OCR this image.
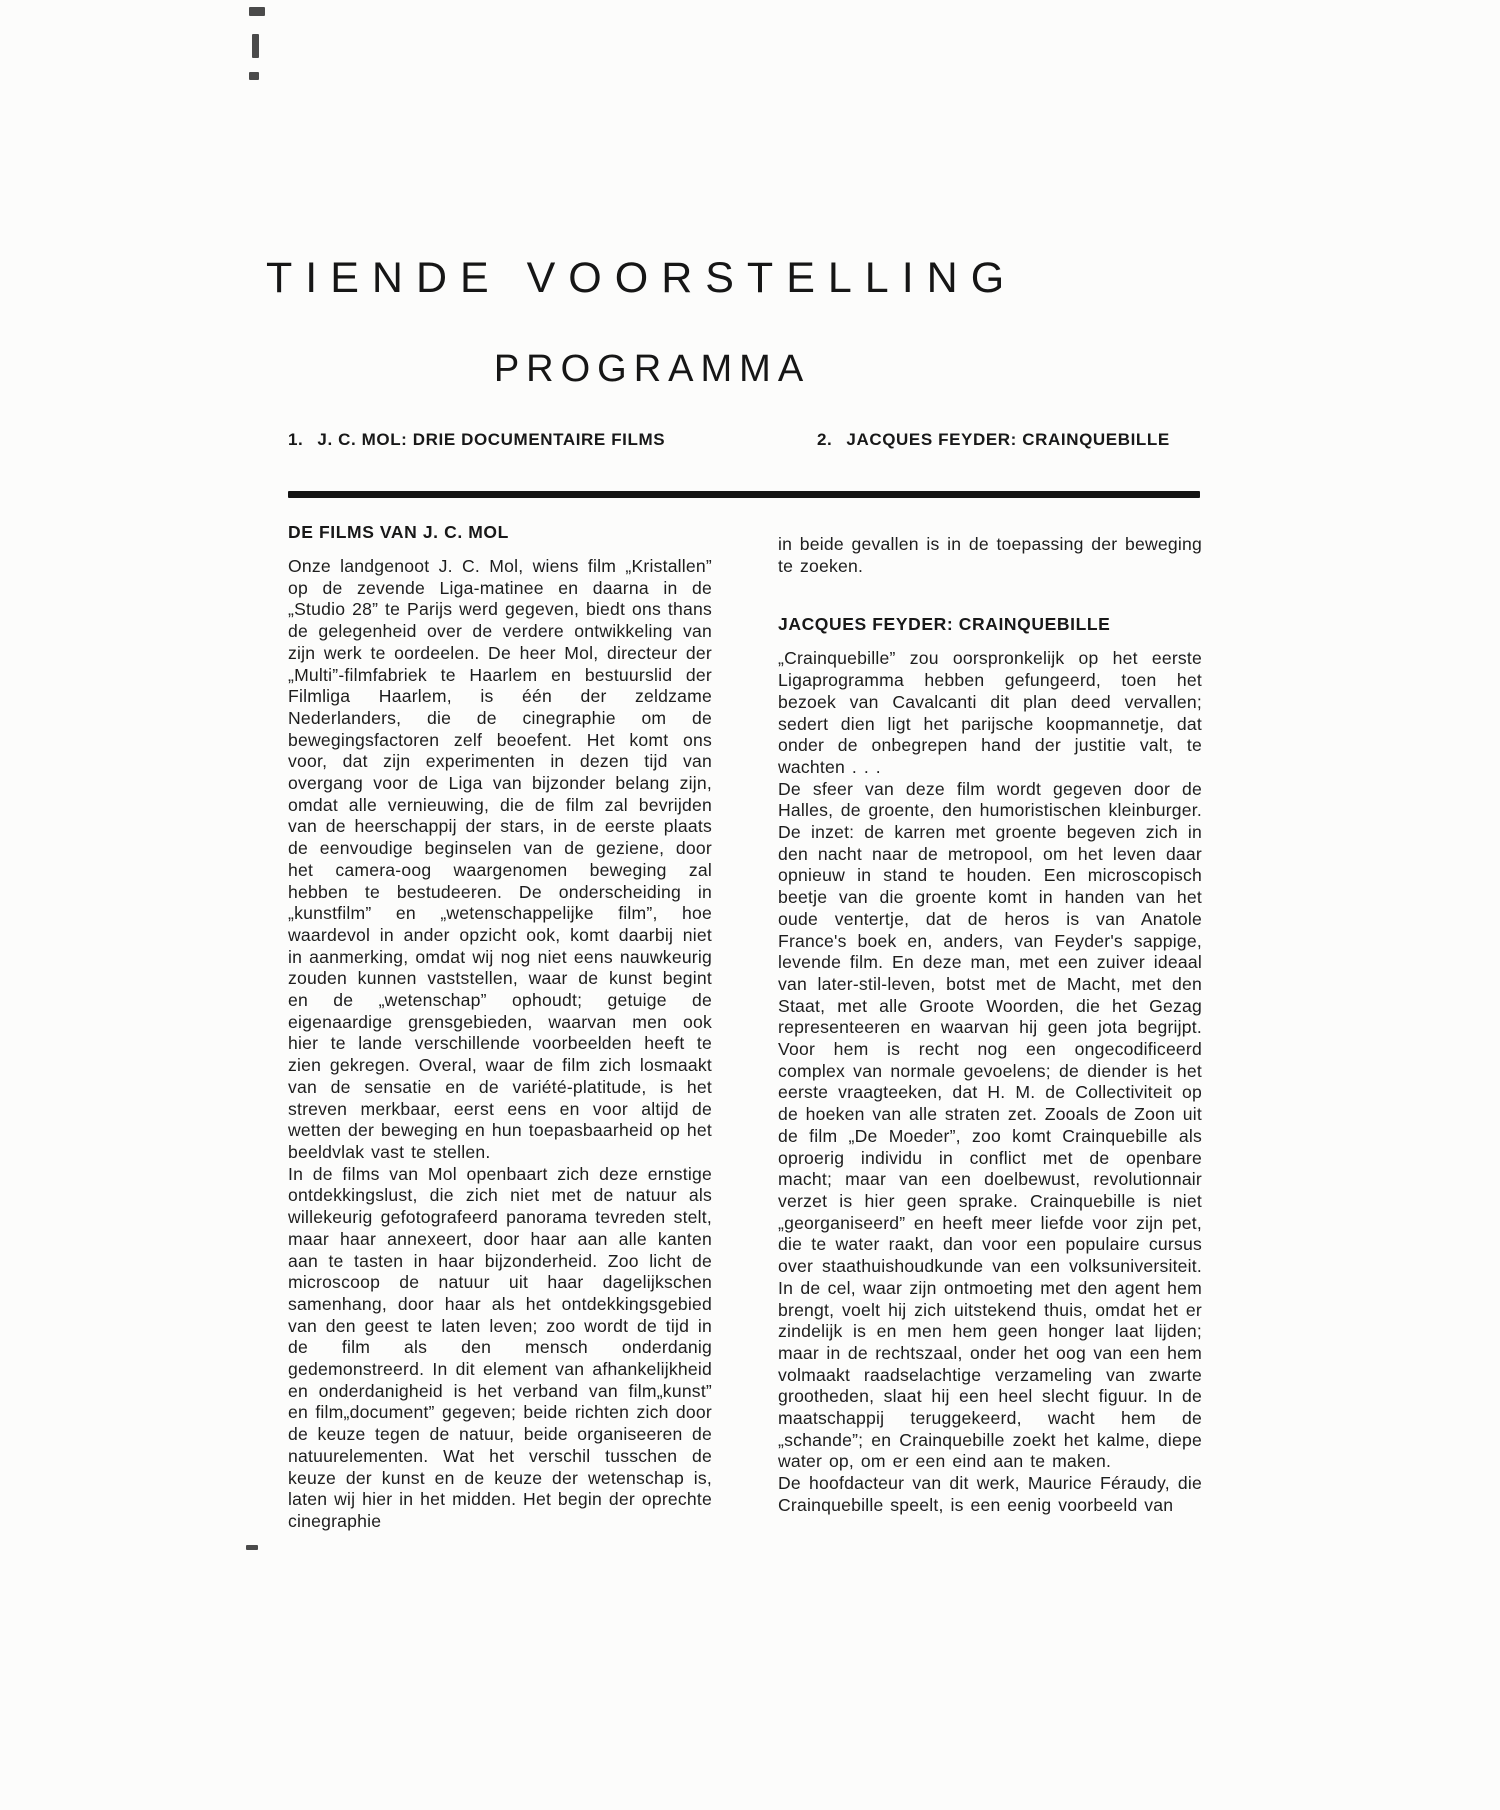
TIENDE VOORSTELLING
PROGRAMMA
1. J. C. MOL: DRIE DOCUMENTAIRE FILMS	2. JACQUES FEYDER: CRAINQUEBILLE
DE FILMS VAN J. C. MOL

Onze landgenoot J. C. Mol, wiens film „Kristallen” op de zevende Liga-matinee en daarna in de „Studio 28” te Parijs werd gegeven, biedt ons thans de gelegenheid over de verdere ontwikkeling van zijn werk te oordeelen. De heer Mol, directeur der „Multi”-filmfabriek te Haarlem en bestuurslid der Filmliga Haarlem, is één der zeldzame Nederlanders, die de cinegraphie om de bewegingsfactoren zelf beoefent. Het komt ons voor, dat zijn experimenten in dezen tijd van overgang voor de Liga van bijzonder belang zijn, omdat alle vernieuwing, die de film zal bevrijden van de heerschappij der stars, in de eerste plaats de eenvoudige beginselen van de geziene, door het camera-oog waargenomen beweging zal hebben te bestudeeren. De onderscheiding in „kunstfilm” en „wetenschappelijke film”, hoe waardevol in ander opzicht ook, komt daarbij niet in aanmerking, omdat wij nog niet eens nauwkeurig zouden kunnen vaststellen, waar de kunst begint en de „wetenschap” ophoudt; getuige de eigenaardige grensgebieden, waarvan men ook hier te lande verschillende voorbeelden heeft te zien gekregen. Overal, waar de film zich losmaakt van de sensatie en de variété-platitude, is het streven merkbaar, eerst eens en voor altijd de wetten der beweging en hun toepasbaarheid op het beeldvlak vast te stellen.

In de films van Mol openbaart zich deze ernstige ontdekkingslust, die zich niet met de natuur als willekeurig gefotografeerd panorama tevreden stelt, maar haar annexeert, door haar aan alle kanten aan te tasten in haar bijzonderheid. Zoo licht de microscoop de natuur uit haar dagelijkschen samenhang, door haar als het ontdekkingsgebied van den geest te laten leven; zoo wordt de tijd in de film als den mensch onderdanig gedemonstreerd. In dit element van afhankelijkheid en onderdanigheid is het verband van film„kunst” en film„document” gegeven; beide richten zich door de keuze tegen de natuur, beide organiseeren de natuurelementen. Wat het verschil tusschen de keuze der kunst en de keuze der wetenschap is, laten wij hier in het midden. Het begin der oprechte cinegraphie

in beide gevallen is in de toepassing der beweging te zoeken.

JACQUES FEYDER: CRAINQUEBILLE

„Crainquebille” zou oorspronkelijk op het eerste Ligaprogramma hebben gefungeerd, toen het bezoek van Cavalcanti dit plan deed vervallen; sedert dien ligt het parijsche koopmannetje, dat onder de onbegrepen hand der justitie valt, te wachten . . .

De sfeer van deze film wordt gegeven door de Halles, de groente, den humoristischen kleinburger. De inzet: de karren met groente begeven zich in den nacht naar de metropool, om het leven daar opnieuw in stand te houden. Een microscopisch beetje van die groente komt in handen van het oude ventertje, dat de heros is van Anatole France's boek en, anders, van Feyder's sappige, levende film. En deze man, met een zuiver ideaal van later-stil-leven, botst met de Macht, met den Staat, met alle Groote Woorden, die het Gezag representeeren en waarvan hij geen jota begrijpt. Voor hem is recht nog een ongecodificeerd complex van normale gevoelens; de diender is het eerste vraagteeken, dat H. M. de Collectiviteit op de hoeken van alle straten zet. Zooals de Zoon uit de film „De Moeder”, zoo komt Crainquebille als oproerig individu in conflict met de openbare macht; maar van een doelbewust, revolutionnair verzet is hier geen sprake. Crainquebille is niet „georganiseerd” en heeft meer liefde voor zijn pet, die te water raakt, dan voor een populaire cursus over staathuishoudkunde van een volksuniversiteit. In de cel, waar zijn ontmoeting met den agent hem brengt, voelt hij zich uitstekend thuis, omdat het er zindelijk is en men hem geen honger laat lijden; maar in de rechtszaal, onder het oog van een hem volmaakt raadselachtige verzameling van zwarte grootheden, slaat hij een heel slecht figuur. In de maatschappij teruggekeerd, wacht hem de „schande”; en Crainquebille zoekt het kalme, diepe water op, om er een eind aan te maken.

De hoofdacteur van dit werk, Maurice Féraudy, die Crainquebille speelt, is een eenig voorbeeld van
